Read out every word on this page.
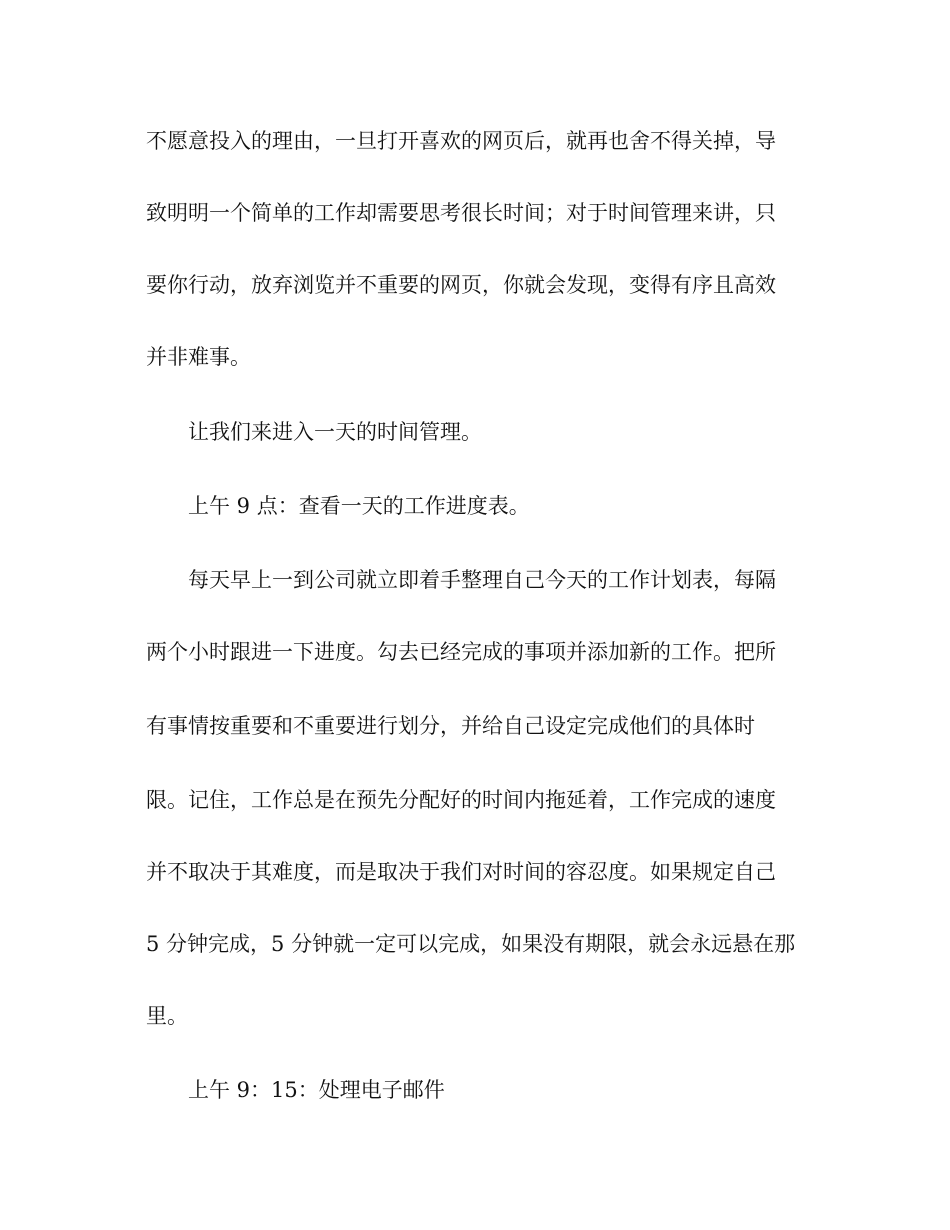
不愿意投入的理由，一旦打开喜欢的网页后，就再也舍不得关掉，导
致明明一个简单的工作却需要思考很长时间；对于时间管理来讲，只
要你行动，放弃浏览并不重要的网页，你就会发现，变得有序且高效
并非难事。
让我们来进入一天的时间管理。
上午 9 点：查看一天的工作进度表。
每天早上一到公司就立即着手整理自己今天的工作计划表，每隔
两个小时跟进一下进度。勾去已经完成的事项并添加新的工作。把所
有事情按重要和不重要进行划分，并给自己设定完成他们的具体时
限。记住，工作总是在预先分配好的时间内拖延着，工作完成的速度
并不取决于其难度，而是取决于我们对时间的容忍度。如果规定自己
5 分钟完成，5 分钟就一定可以完成，如果没有期限，就会永远悬在那
里。
上午 9：15：处理电子邮件
